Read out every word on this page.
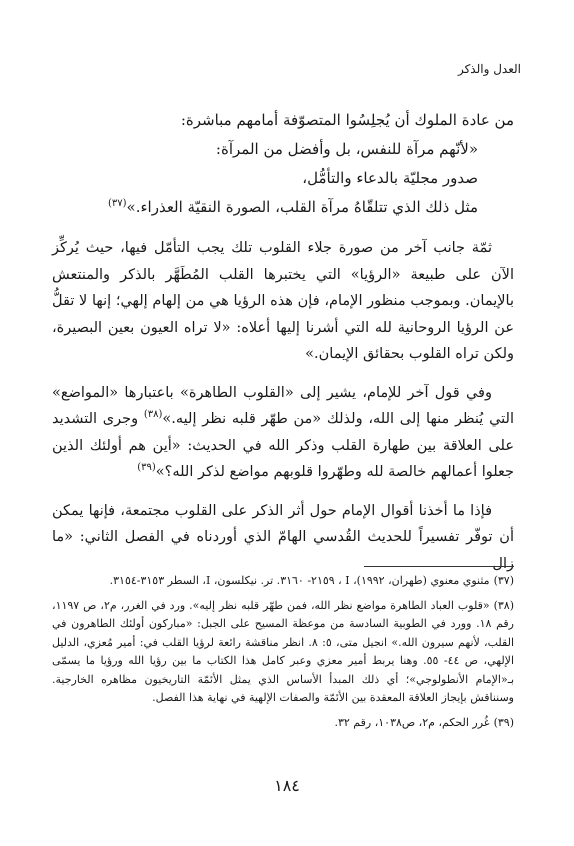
العدل والذكر
من عادة الملوك أن يُجلِسُوا المتصوّفة أمامهم مباشرة:
«لأنّهم مرآة للنفس، بل وأفضل من المرآة:
صدور مجليّة بالدعاء والتأمُّل،
مثل ذلك الذي تتلقّاهُ مرآة القلب، الصورة النقيّة العذراء.»$^{(٣٧)}$

ثمّة جانب آخر من صورة جلاء القلوب تلك يجب التأمّل فيها، حيث يُركِّز الآن على طبيعة «الرؤيا» التي يختبرها القلب المُطَهَّر بالذكر والمنتعش بالإيمان. وبموجب منظور الإمام، فإن هذه الرؤيا هي من إلهام إلهي؛ إنها لا تقلُّ عن الرؤيا الروحانية لله التي أشرنا إليها أعلاه: «لا تراه العيون بعين البصيرة، ولكن تراه القلوب بحقائق الإيمان.»

وفي قول آخر للإمام، يشير إلى «القلوب الطاهرة» باعتبارها «المواضع» التي يُنظر منها إلى الله، ولذلك «من طهّر قلبه نظر إليه.»$^{(٣٨)}$ وجرى التشديد على العلاقة بين طهارة القلب وذكر الله في الحديث: «أين هم أولئك الذين جعلوا أعمالهم خالصة لله وطهّروا قلوبهم مواضع لذكر الله؟»$^{(٣٩)}$

فإذا ما أخذنا أقوال الإمام حول أثر الذكر على القلوب مجتمعة، فإنها يمكن أن توفّر تفسيراً للحديث القُدسي الهامّ الذي أوردناه في الفصل الثاني: «ما زال

(٣٧)مثنوي معنوي (طهران، ١٩٩٢)، I ، ٢١٥٩- ٣١٦٠. تر. نيكلسون، I، السطر ٣١٥٣-٣١٥٤.
(٣٨)«قلوب العباد الطاهرة مواضع نظر الله، فمن طهّر قلبه نظر إليه». ورد في الغرر، م٢، ص ١١٩٧، رقم ١٨. وورد في الطوبية السادسة من موعظة المسيح على الجبل: «مباركون أولئك الطاهرون في القلب، لأنهم سيرون الله.» انجيل متى، ٥: ٨. انظر مناقشة رائعة لرؤيا القلب في: أمير مُعزي، الدليل الإلهي، ص ٤٤- ٥٥. وهنا يربط أمير معزي وعبر كامل هذا الكتاب ما بين رؤيا الله ورؤيا ما يسمّى بـ«الإمام الأنطولوجي»؛ أي ذلك المبدأ الأساس الذي يمثل الأئمّة التاريخيون مظاهره الخارجية. وسنناقش بإيجاز العلاقة المعقدة بين الأئمّة والصفات الإلهية في نهاية هذا الفصل.
(٣٩)غُرر الحكم، م٢، ص١٠٣٨، رقم ٣٢.
١٨٤
